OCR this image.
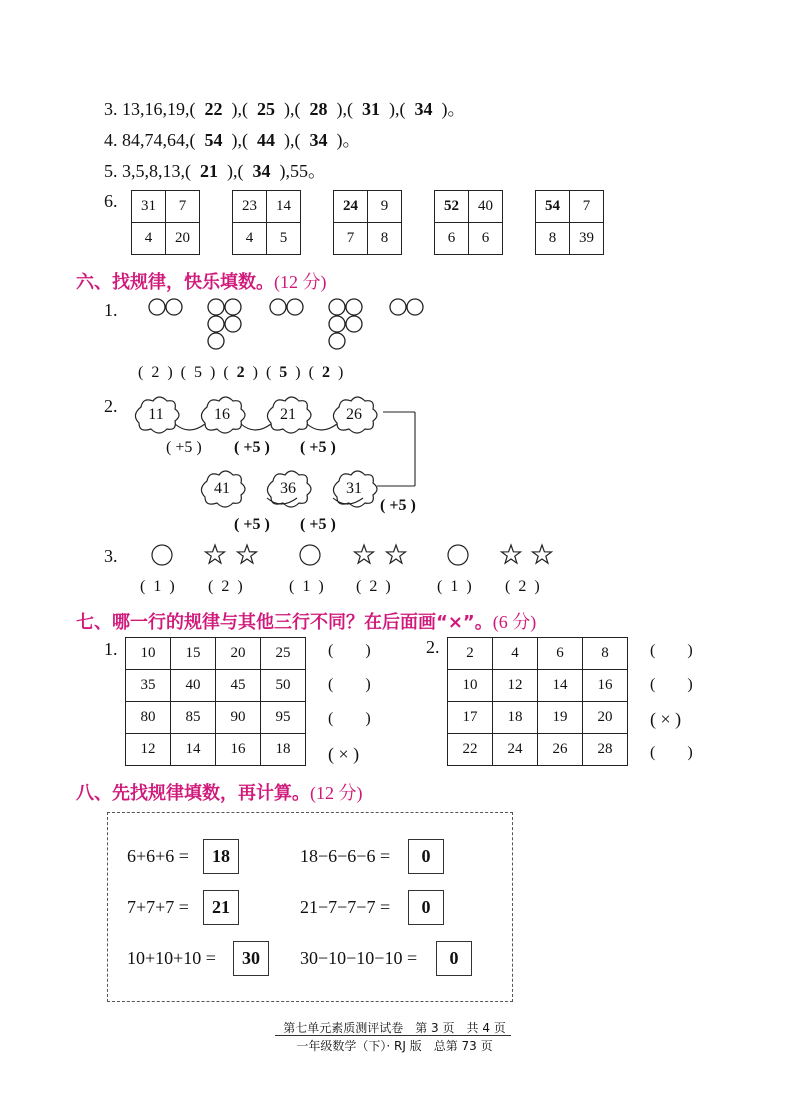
3. 13,16,19,( 22  ),(  25  ),(  28  ),(  31  ),(  34 )。
4. 84,74,64,( 54  ),(  44  ),(  34 )。
5. 3,5,8,13,( 21  ),(  34 ),55。
6. 31	7
4	20
23	14
4	5
24	9
7	8
52	40
6	6
54	7
8	39
六、找规律，快乐填数。(12 分)
1.
(  2  )  (  5  )  (  2  )  (  5  )  (  2  )
2.	11	16	21	26
( +5 ) ( +5 ) ( +5 )
41	36	31
( +5 )
( +5 ) ( +5 )
3.
(  1  ) (  2  )	(  1  ) (  2  )	(  1  ) (  2  )
七、哪一行的规律与其他三行不同？在后面画“×”。(6 分)
1. 10	15	20	25
35	40	45	50
80	85	90	95
12	14	16	18
(        )
(        )
(        )
( × )
2. 2	4	6	8
10	12	14	16
17	18	19	20
22	24	26	28
(        )
(        )
( × )
(        )
八、先找规律填数，再计算。(12 分)
6+6+6 =	18	18−6−6−6 =	0
7+7+7 =	21	21−7−7−7 =	0
10+10+10 =	30	30−10−10−10 =	0
第七单元素质测评试卷　第 3 页　共 4 页
一年级数学（下）· RJ 版　总第 73 页
